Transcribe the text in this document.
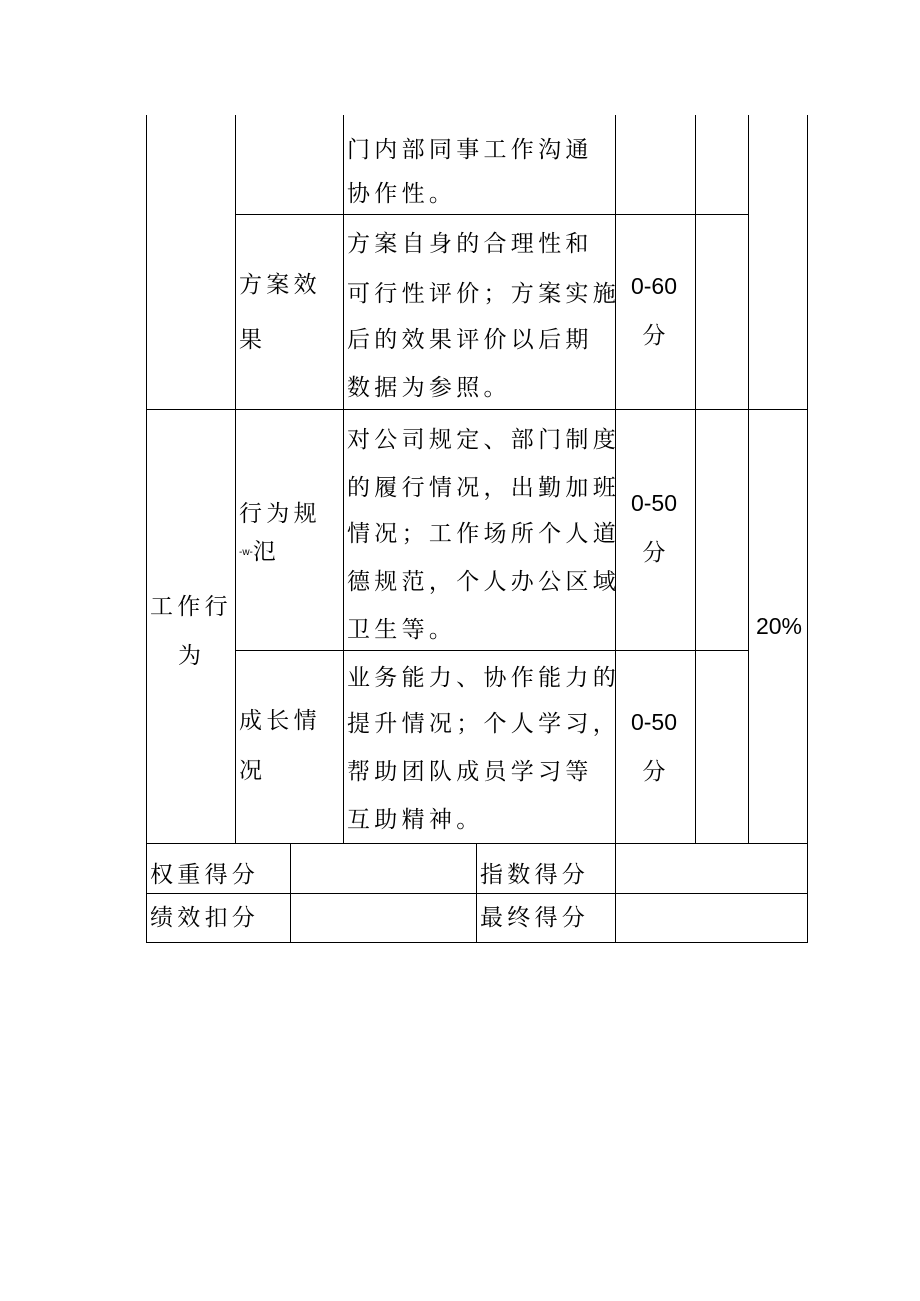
门内部同事工作沟通
协作性。
方案效
果
方案自身的合理性和
可行性评价；方案实施
后的效果评价以后期
数据为参照。
0-60
分
工作行
为
行为规
-w-氾
对公司规定、部门制度
的履行情况，出勤加班
情况；工作场所个人道
德规范，个人办公区域
卫生等。
0-50
分
20%
成长情
况
业务能力、协作能力的
提升情况；个人学习，
帮助团队成员学习等
互助精神。
0-50
分
权重得分	指数得分
绩效扣分	最终得分
